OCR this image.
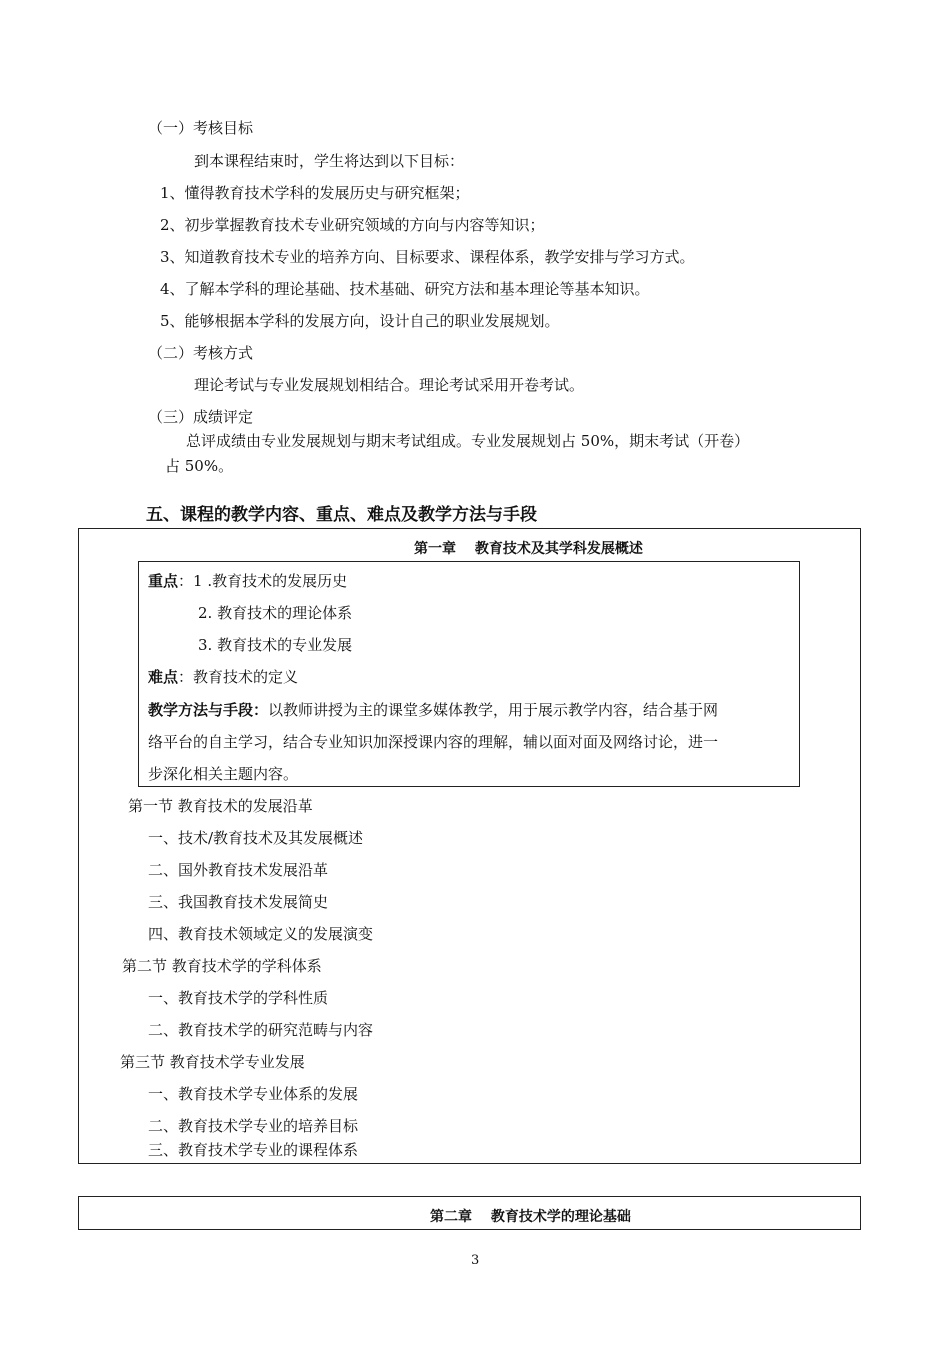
（一）考核目标
到本课程结束时，学生将达到以下目标：
1、懂得教育技术学科的发展历史与研究框架；
2、初步掌握教育技术专业研究领域的方向与内容等知识；
3、知道教育技术专业的培养方向、目标要求、课程体系，教学安排与学习方式。
4、了解本学科的理论基础、技术基础、研究方法和基本理论等基本知识。
5、能够根据本学科的发展方向，设计自己的职业发展规划。
（二）考核方式
理论考试与专业发展规划相结合。理论考试采用开卷考试。
（三）成绩评定
总评成绩由专业发展规划与期末考试组成。专业发展规划占 50%，期末考试（开卷）
占 50%。
五、课程的教学内容、重点、难点及教学方法与手段
第一章　 教育技术及其学科发展概述
重点：1 .教育技术的发展历史
2. 教育技术的理论体系
3. 教育技术的专业发展
难点：教育技术的定义
教学方法与手段：以教师讲授为主的课堂多媒体教学，用于展示教学内容，结合基于网
络平台的自主学习，结合专业知识加深授课内容的理解，辅以面对面及网络讨论，进一
步深化相关主题内容。
第一节 教育技术的发展沿革
一、技术/教育技术及其发展概述
二、国外教育技术发展沿革
三、我国教育技术发展简史
四、教育技术领域定义的发展演变
第二节 教育技术学的学科体系
一、教育技术学的学科性质
二、教育技术学的研究范畴与内容
第三节 教育技术学专业发展
一、教育技术学专业体系的发展
二、教育技术学专业的培养目标
三、教育技术学专业的课程体系
第二章　 教育技术学的理论基础
3
